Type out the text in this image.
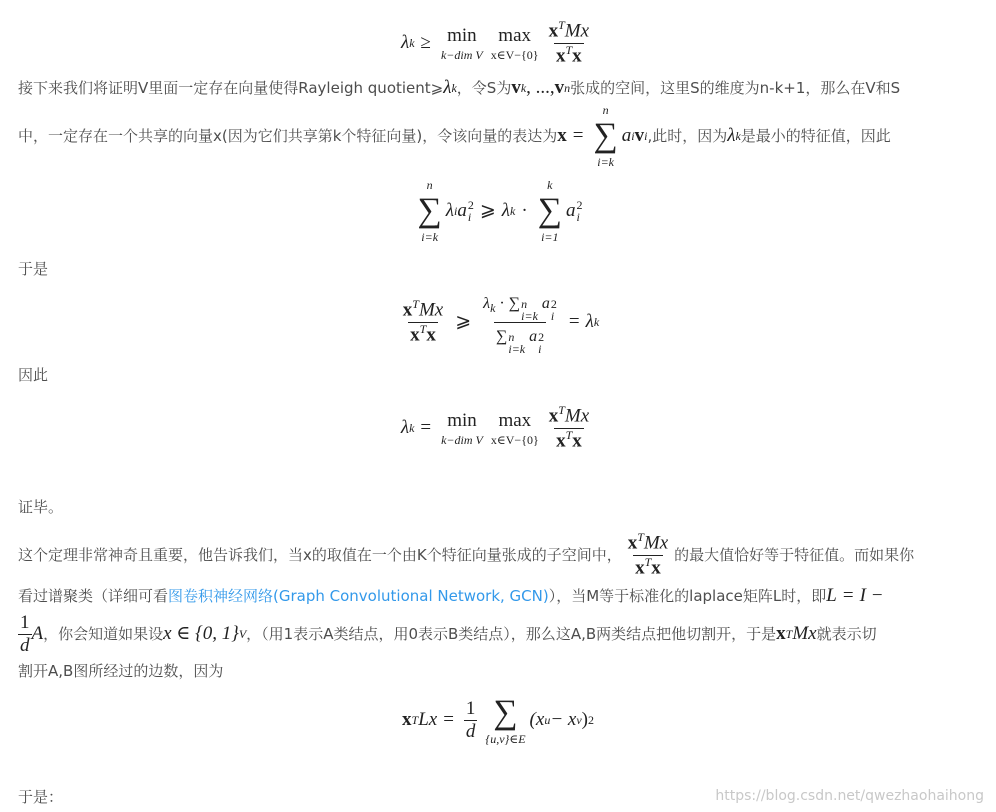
λ k ≥ min
k−dim V
max
x∈V−{0} $\frac{x^TMx}{x^Tx}$
接下来我们将证明V里面一定存在向量使得Rayleigh quotient⩾ λ k ，令S为 v k , ..., v n 张成的空间，这里S的维度为n-k+1，那么在V和S
中，一定存在一个共享的向量x(因为它们共享第k个特征向量)，令该向量的表达为 x =
n
∑
i=k
a i v i ,此时，因为 λ k 是最小的特征值，因此
n
∑
i=k
λ i a 2
i ⩾ λ k ·
k
∑
i=1
a 2
i
于是
$\frac{x^TMx}{x^Tx}$ ⩾ $\lambda_k$ · ∑ n
i=k
a 2
i
∑ n
i=k
a 2
i = λ k
因此
λ k = min
k−dim V
max
x∈V−{0} $\frac{x^TMx}{x^Tx}$
证毕。
这个定理非常神奇且重要，他告诉我们，当x的取值在一个由K个特征向量张成的子空间中， $\frac{x^TMx}{x^Tx}$ 的最大值恰好等于特征值。而如果你
看过谱聚类（详细可看 图卷积神经网络(Graph Convolutional Network, GCN) ），当M等于标准化的laplace矩阵L时，即 L = I −
$\frac{1}{d}$ A ，你会知道如果设 x ∈ {0, 1} V ，（用1表示A类结点，用0表示B类结点），那么这A,B两类结点把他切割开，于是 x T Mx 就表示切
割开A,B图所经过的边数，因为
x T $Lx = \frac{1}{d}$ ∑
{u,v}∈E
(x u − x v ) 2
于是：	https://blog.csdn.net/qwezhaohaihong
